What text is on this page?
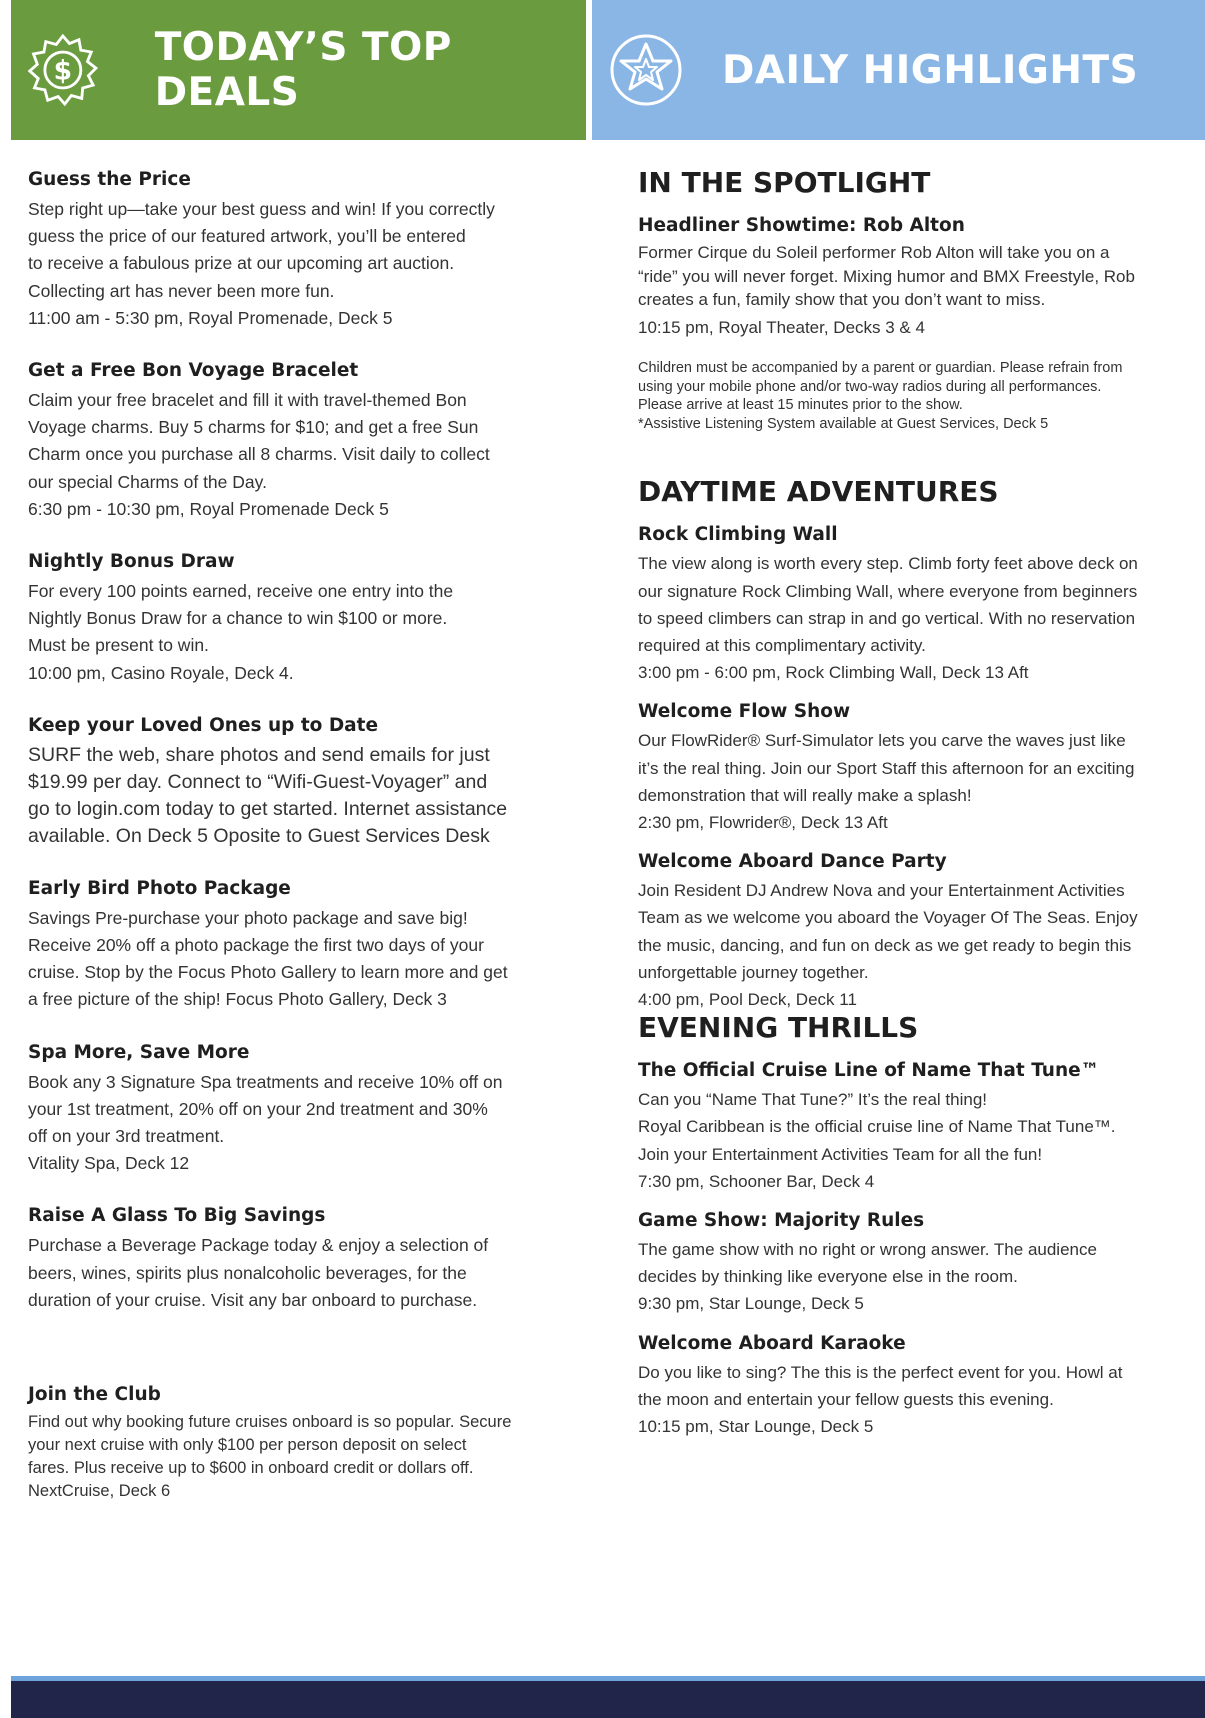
$
TODAY’S TOP DEALS	DAILY HIGHLIGHTS

Guess the Price

Step right up—take your best guess and win! If you correctly
guess the price of our featured artwork, you’ll be entered
to receive a fabulous prize at our upcoming art auction.
Collecting art has never been more fun.
11:00 am - 5:30 pm, Royal Promenade, Deck 5

Get a Free Bon Voyage Bracelet

Claim your free bracelet and fill it with travel-themed Bon
Voyage charms. Buy 5 charms for $10; and get a free Sun
Charm once you purchase all 8 charms. Visit daily to collect
our special Charms of the Day.
6:30 pm - 10:30 pm, Royal Promenade Deck 5

Nightly Bonus Draw

For every 100 points earned, receive one entry into the
Nightly Bonus Draw for a chance to win $100 or more.
Must be present to win.
10:00 pm, Casino Royale, Deck 4.

Keep your Loved Ones up to Date

SURF the web, share photos and send emails for just
$19.99 per day. Connect to “Wifi-Guest-Voyager” and
go to login.com today to get started. Internet assistance
available. On Deck 5 Oposite to Guest Services Desk

Early Bird Photo Package

Savings Pre-purchase your photo package and save big!
Receive 20% off a photo package the first two days of your
cruise. Stop by the Focus Photo Gallery to learn more and get
a free picture of the ship! Focus Photo Gallery, Deck 3

Spa More, Save More

Book any 3 Signature Spa treatments and receive 10% off on
your 1st treatment, 20% off on your 2nd treatment and 30%
off on your 3rd treatment.
Vitality Spa, Deck 12

Raise A Glass To Big Savings

Purchase a Beverage Package today & enjoy a selection of
beers, wines, spirits plus nonalcoholic beverages, for the
duration of your cruise. Visit any bar onboard to purchase.

Join the Club

Find out why booking future cruises onboard is so popular. Secure
your next cruise with only $100 per person deposit on select
fares. Plus receive up to $600 in onboard credit or dollars off.
NextCruise, Deck 6

IN THE SPOTLIGHT

Headliner Showtime: Rob Alton

Former Cirque du Soleil performer Rob Alton will take you on a
“ride” you will never forget. Mixing humor and BMX Freestyle, Rob
creates a fun, family show that you don’t want to miss.
10:15 pm, Royal Theater, Decks 3 & 4

Children must be accompanied by a parent or guardian. Please refrain from
using your mobile phone and/or two-way radios during all performances.
Please arrive at least 15 minutes prior to the show.
*Assistive Listening System available at Guest Services, Deck 5

DAYTIME ADVENTURES

Rock Climbing Wall

The view along is worth every step. Climb forty feet above deck on
our signature Rock Climbing Wall, where everyone from beginners
to speed climbers can strap in and go vertical. With no reservation
required at this complimentary activity.
3:00 pm - 6:00 pm, Rock Climbing Wall, Deck 13 Aft

Welcome Flow Show

Our FlowRider® Surf-Simulator lets you carve the waves just like
it’s the real thing. Join our Sport Staff this afternoon for an exciting
demonstration that will really make a splash!
2:30 pm, Flowrider®, Deck 13 Aft

Welcome Aboard Dance Party

Join Resident DJ Andrew Nova and your Entertainment Activities
Team as we welcome you aboard the Voyager Of The Seas. Enjoy
the music, dancing, and fun on deck as we get ready to begin this
unforgettable journey together.
4:00 pm, Pool Deck, Deck 11

EVENING THRILLS

The Official Cruise Line of Name That Tune™

Can you “Name That Tune?” It’s the real thing!
Royal Caribbean is the official cruise line of Name That Tune™.
Join your Entertainment Activities Team for all the fun!
7:30 pm, Schooner Bar, Deck 4

Game Show: Majority Rules

The game show with no right or wrong answer. The audience
decides by thinking like everyone else in the room.
9:30 pm, Star Lounge, Deck 5

Welcome Aboard Karaoke

Do you like to sing? The this is the perfect event for you. Howl at
the moon and entertain your fellow guests this evening.
10:15 pm, Star Lounge, Deck 5
